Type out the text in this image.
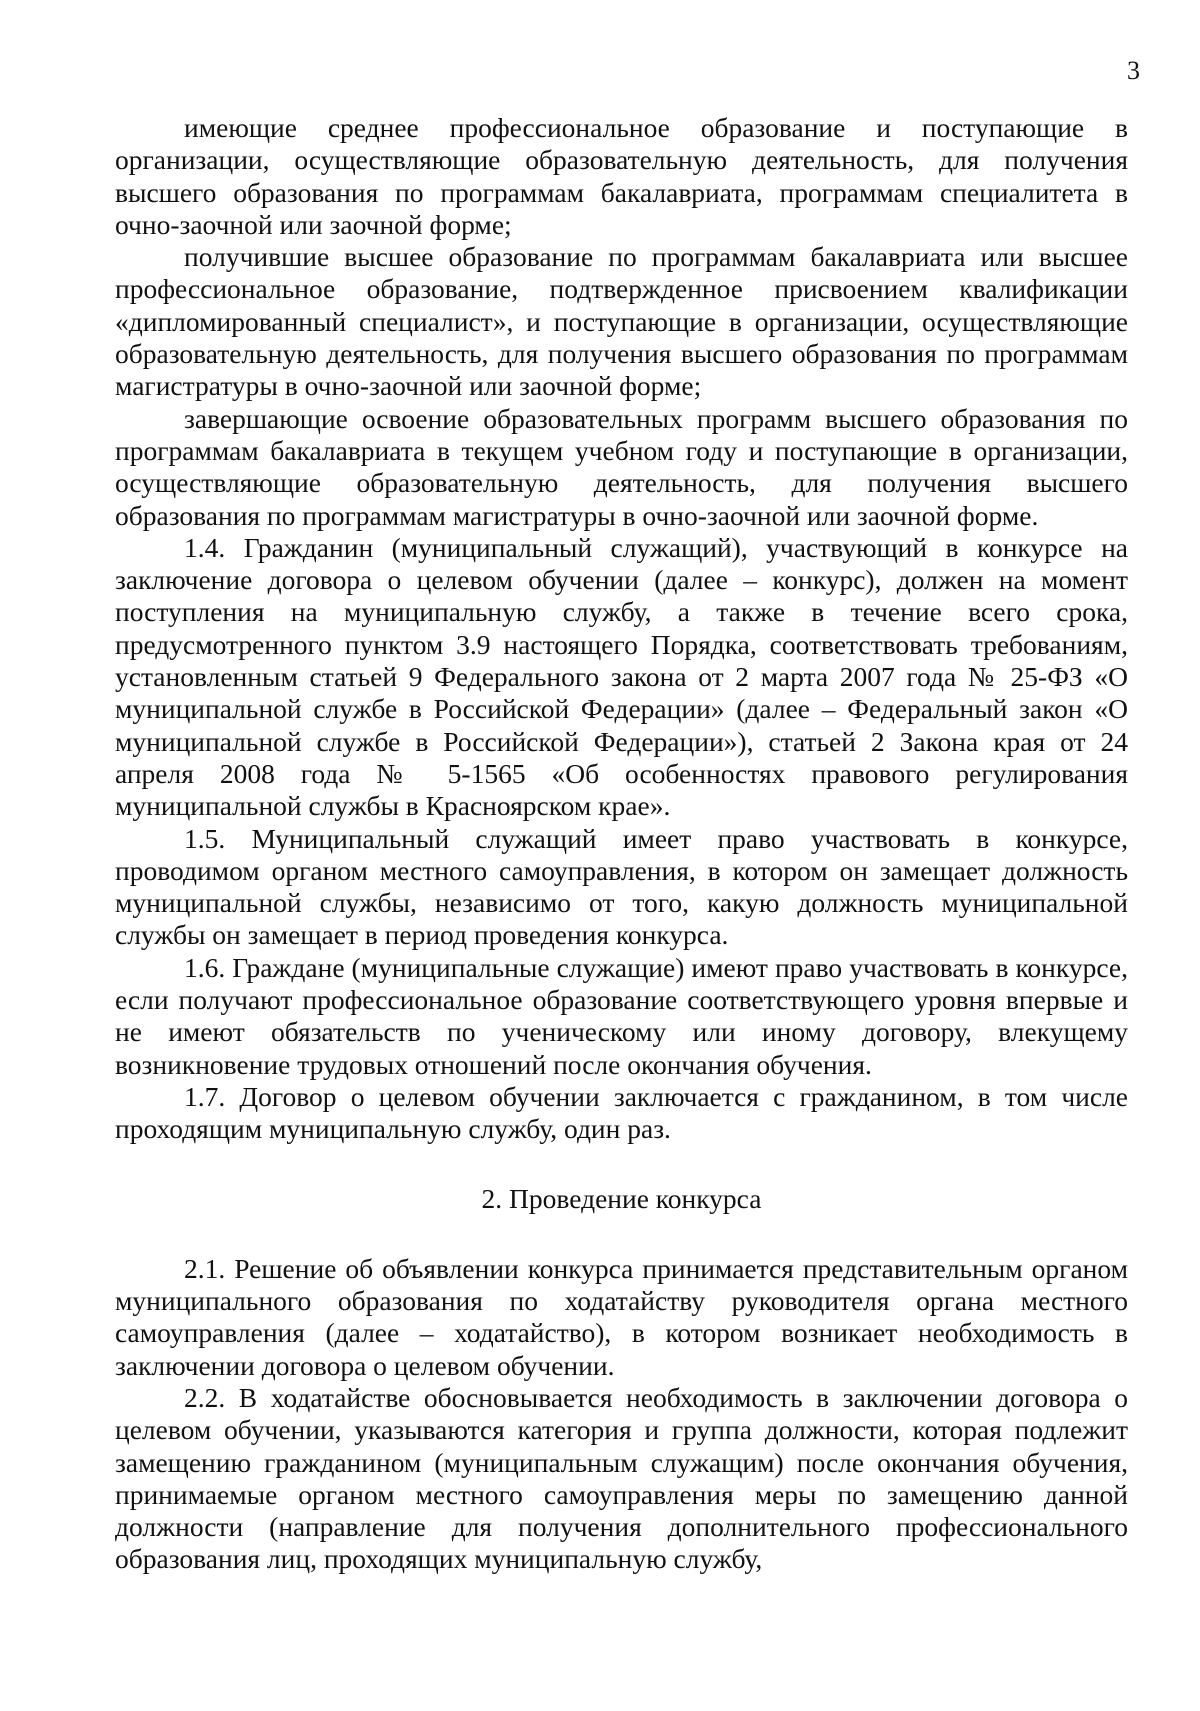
3

имеющие среднее профессиональное образование и поступающие в организации, осуществляющие образовательную деятельность, для получения высшего образования по программам бакалавриата, программам специалитета в очно-заочной или заочной форме;

получившие высшее образование по программам бакалавриата или высшее профессиональное образование, подтвержденное присвоением квалификации «дипломированный специалист», и поступающие в организации, осуществляющие образовательную деятельность, для получения высшего образования по программам магистратуры в очно-заочной или заочной форме;

завершающие освоение образовательных программ высшего образования по программам бакалавриата в текущем учебном году и поступающие в организации, осуществляющие образовательную деятельность, для получения высшего образования по программам магистратуры в очно-заочной или заочной форме.

1.4. Гражданин (муниципальный служащий), участвующий в конкурсе на заключение договора о целевом обучении (далее – конкурс), должен на момент поступления на муниципальную службу, а также в течение всего срока, предусмотренного пунктом 3.9 настоящего Порядка, соответствовать требованиям, установленным статьей 9 Федерального закона от 2 марта 2007 года № 25-ФЗ «О муниципальной службе в Российской Федерации» (далее – Федеральный закон «О муниципальной службе в Российской Федерации»), статьей 2 Закона края от 24 апреля 2008 года № 5-1565 «Об особенностях правового регулирования муниципальной службы в Красноярском крае».

1.5. Муниципальный служащий имеет право участвовать в конкурсе, проводимом органом местного самоуправления, в котором он замещает должность муниципальной службы, независимо от того, какую должность муниципальной службы он замещает в период проведения конкурса.

1.6. Граждане (муниципальные служащие) имеют право участвовать в конкурсе, если получают профессиональное образование соответствующего уровня впервые и не имеют обязательств по ученическому или иному договору, влекущему возникновение трудовых отношений после окончания обучения.

1.7. Договор о целевом обучении заключается с гражданином, в том числе проходящим муниципальную службу, один раз.

2. Проведение конкурса

2.1. Решение об объявлении конкурса принимается представительным органом муниципального образования по ходатайству руководителя органа местного самоуправления (далее – ходатайство), в котором возникает необходимость в заключении договора о целевом обучении.

2.2. В ходатайстве обосновывается необходимость в заключении договора о целевом обучении, указываются категория и группа должности, которая подлежит замещению гражданином (муниципальным служащим) после окончания обучения, принимаемые органом местного самоуправления меры по замещению данной должности (направление для получения дополнительного профессионального образования лиц, проходящих муниципальную службу,
